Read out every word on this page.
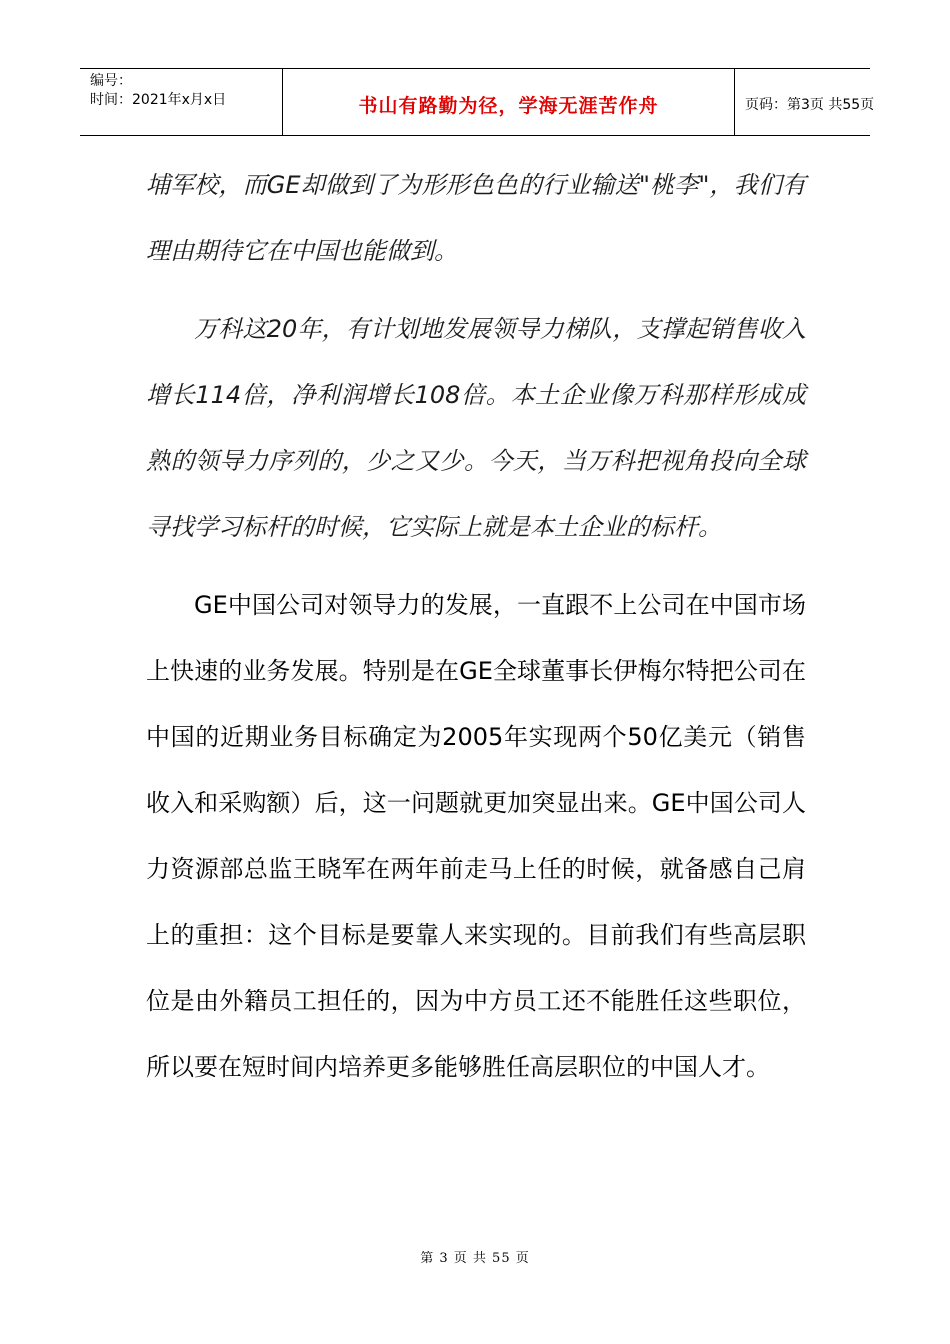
编号：
时间：2021年x月x日	书山有路勤为径，学海无涯苦作舟	页码：第3页 共55页

埔军校，而GE却做到了为形形色色的行业输送"桃李"，我们有理由期待它在中国也能做到。

万科这20年，有计划地发展领导力梯队，支撑起销售收入增长114倍，净利润增长108倍。本土企业像万科那样形成成熟的领导力序列的，少之又少。今天，当万科把视角投向全球寻找学习标杆的时候，它实际上就是本土企业的标杆。

GE中国公司对领导力的发展，一直跟不上公司在中国市场上快速的业务发展。特别是在GE全球董事长伊梅尔特把公司在中国的近期业务目标确定为2005年实现两个50亿美元（销售收入和采购额）后，这一问题就更加突显出来。GE中国公司人力资源部总监王晓军在两年前走马上任的时候，就备感自己肩上的重担：这个目标是要靠人来实现的。目前我们有些高层职位是由外籍员工担任的，因为中方员工还不能胜任这些职位，所以要在短时间内培养更多能够胜任高层职位的中国人才。

第 3 页 共 55 页
